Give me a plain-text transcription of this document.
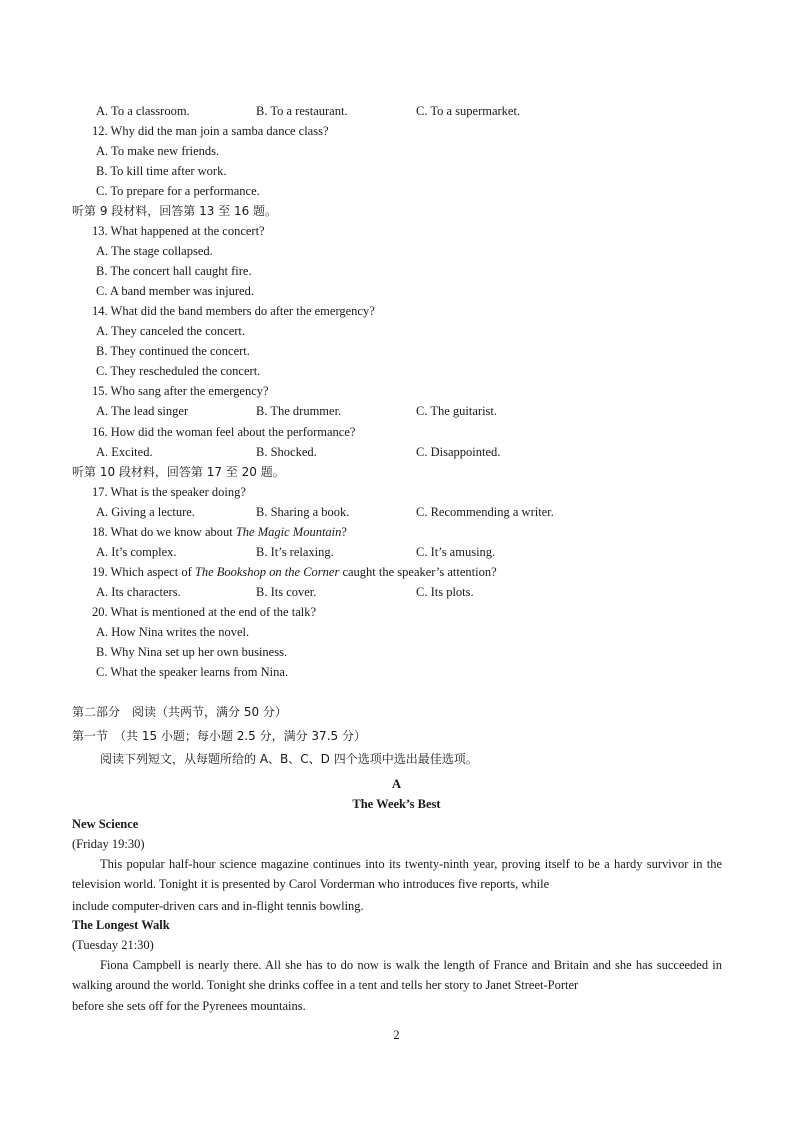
A. To a classroom.	B. To a restaurant.	C. To a supermarket.
12. Why did the man join a samba dance class?
A. To make new friends.
B. To kill time after work.
C. To prepare for a performance.
听第 9 段材料，回答第 13 至 16 题。
13. What happened at the concert?
A. The stage collapsed.
B. The concert hall caught fire.
C. A band member was injured.
14. What did the band members do after the emergency?
A. They canceled the concert.
B. They continued the concert.
C. They rescheduled the concert.
15. Who sang after the emergency?
A. The lead singer	B. The drummer.	C. The guitarist.
16. How did the woman feel about the performance?
A. Excited.	B. Shocked.	C. Disappointed.
听第 10 段材料，回答第 17 至 20 题。
17. What is the speaker doing?
A. Giving a lecture.	B. Sharing a book.	C. Recommending a writer.
18. What do we know about The Magic Mountain?
A. It’s complex.	B. It’s relaxing.	C. It’s amusing.
19. Which aspect of The Bookshop on the Corner caught the speaker’s attention?
A. Its characters.	B. Its cover.	C. Its plots.
20. What is mentioned at the end of the talk?
A. How Nina writes the novel.
B. Why Nina set up her own business.
C. What the speaker learns from Nina.
第二部分　阅读（共两节，满分 50 分）
第一节　（共 15 小题；每小题 2.5 分，满分 37.5 分）
阅读下列短文，从每题所给的 A、B、C、D 四个选项中选出最佳选项。
A
The Week’s Best
New Science
(Friday 19:30)
This popular half-hour science magazine continues into its twenty-ninth year, proving itself to be a hardy survivor in the television world. Tonight it is presented by Carol Vorderman who introduces five reports, while
include computer-driven cars and in-flight tennis bowling.
The Longest Walk
(Tuesday 21:30)
Fiona Campbell is nearly there. All she has to do now is walk the length of France and Britain and she has succeeded in walking around the world. Tonight she drinks coffee in a tent and tells her story to Janet Street-Porter
before she sets off for the Pyrenees mountains.
2
